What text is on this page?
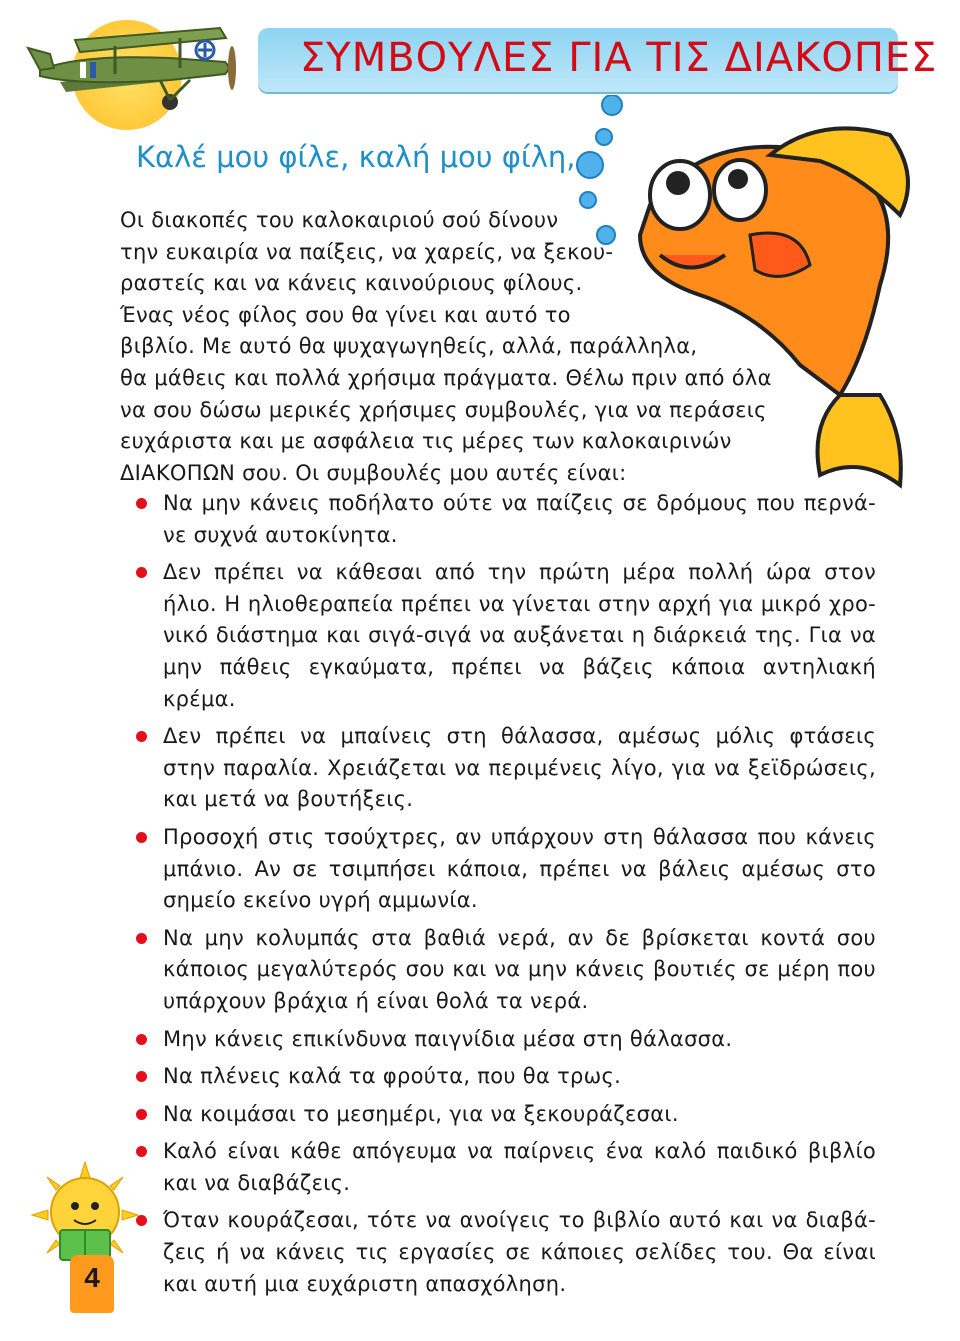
ΣΥΜΒΟΥΛΕΣ ΓΙΑ ΤΙΣ ΔΙΑΚΟΠΕΣ
Καλέ μου φίλε, καλή μου φίλη,

Οι διακοπές του καλοκαιριού σού δίνουν

την ευκαιρία να παίξεις, να χαρείς, να ξεκου-

ραστείς και να κάνεις καινούριους φίλους.

Ένας νέος φίλος σου θα γίνει και αυτό το

βιβλίο. Με αυτό θα ψυχαγωγηθείς, αλλά, παράλληλα,

θα μάθεις και πολλά χρήσιμα πράγματα. Θέλω πριν από όλα

να σου δώσω μερικές χρήσιμες συμβουλές, για να περάσεις

ευχάριστα και με ασφάλεια τις μέρες των καλοκαιρινών

ΔΙΑΚΟΠΩΝ σου. Οι συμβουλές μου αυτές είναι:

Να μην κάνεις ποδήλατο ούτε να παίζεις σε δρόμους που περνά- νε συχνά αυτοκίνητα.
Δεν πρέπει να κάθεσαι από την πρώτη μέρα πολλή ώρα στον ήλιο. Η ηλιοθεραπεία πρέπει να γίνεται στην αρχή για μικρό χρο-νικό διάστημα και σιγά-σιγά να αυξάνεται η διάρκειά της. Για να μην πάθεις εγκαύματα, πρέπει να βάζεις κάποια αντηλιακή κρέμα.
Δεν πρέπει να μπαίνεις στη θάλασσα, αμέσως μόλις φτάσεις στην παραλία. Χρειάζεται να περιμένεις λίγο, για να ξεϊδρώσεις, και μετά να βουτήξεις.
Προσοχή στις τσούχτρες, αν υπάρχουν στη θάλασσα που κάνεις μπάνιο. Αν σε τσιμπήσει κάποια, πρέπει να βάλεις αμέσως στο σημείο εκείνο υγρή αμμωνία.
Να μην κολυμπάς στα βαθιά νερά, αν δε βρίσκεται κοντά σου κάποιος μεγαλύτερός σου και να μην κάνεις βουτιές σε μέρη που υπάρχουν βράχια ή είναι θολά τα νερά.
Μην κάνεις επικίνδυνα παιγνίδια μέσα στη θάλασσα.
Να πλένεις καλά τα φρούτα, που θα τρως.
Να κοιμάσαι το μεσημέρι, για να ξεκουράζεσαι.
Καλό είναι κάθε απόγευμα να παίρνεις ένα καλό παιδικό βιβλίο και να διαβάζεις.
Όταν κουράζεσαι, τότε να ανοίγεις το βιβλίο αυτό και να διαβά-ζεις ή να κάνεις τις εργασίες σε κάποιες σελίδες του. Θα είναι και αυτή μια ευχάριστη απασχόληση.
4
